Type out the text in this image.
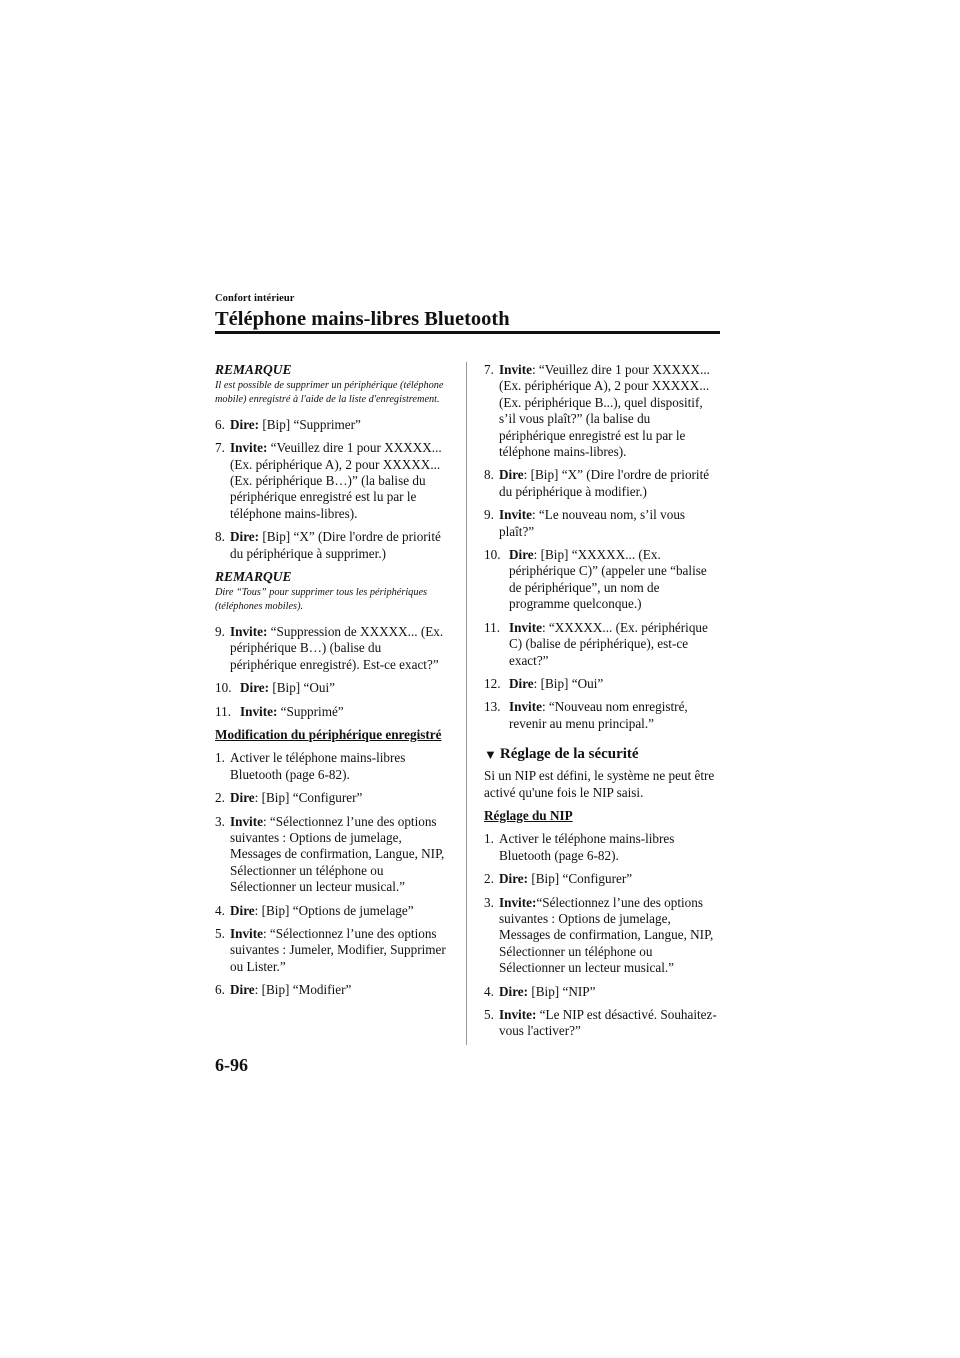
Confort intérieur
Téléphone mains-libres Bluetooth
REMARQUE
Il est possible de supprimer un périphérique (téléphone mobile) enregistré à l'aide de la liste d'enregistrement.
6. Dire: [Bip] “Supprimer”
7. Invite: “Veuillez dire 1 pour XXXXX... (Ex. périphérique A), 2 pour XXXXX... (Ex. périphérique B…)” (la balise du périphérique enregistré est lu par le téléphone mains-libres).
8. Dire: [Bip] “X” (Dire l'ordre de priorité du périphérique à supprimer.)
REMARQUE
Dire “Tous” pour supprimer tous les périphériques (téléphones mobiles).
9. Invite: “Suppression de XXXXX... (Ex. périphérique B…) (balise du périphérique enregistré). Est-ce exact?”
10. Dire: [Bip] “Oui”
11. Invite: “Supprimé”
Modification du périphérique enregistré
1. Activer le téléphone mains-libres Bluetooth (page 6-82).
2. Dire: [Bip] “Configurer”
3. Invite: “Sélectionnez l’une des options suivantes : Options de jumelage, Messages de confirmation, Langue, NIP, Sélectionner un téléphone ou Sélectionner un lecteur musical.”
4. Dire: [Bip] “Options de jumelage”
5. Invite: “Sélectionnez l’une des options suivantes : Jumeler, Modifier, Supprimer ou Lister.”
6. Dire: [Bip] “Modifier”
7. Invite: “Veuillez dire 1 pour XXXXX... (Ex. périphérique A), 2 pour XXXXX... (Ex. périphérique B...), quel dispositif, s’il vous plaît?” (la balise du périphérique enregistré est lu par le téléphone mains-libres).
8. Dire: [Bip] “X” (Dire l'ordre de priorité du périphérique à modifier.)
9. Invite: “Le nouveau nom, s’il vous plaît?”
10. Dire: [Bip] “XXXXX... (Ex. périphérique C)” (appeler une “balise de périphérique”, un nom de programme quelconque.)
11. Invite: “XXXXX... (Ex. périphérique C) (balise de périphérique), est-ce exact?”
12. Dire: [Bip] “Oui”
13. Invite: “Nouveau nom enregistré, revenir au menu principal.”
▼ Réglage de la sécurité
Si un NIP est défini, le système ne peut être activé qu'une fois le NIP saisi.
Réglage du NIP
1. Activer le téléphone mains-libres Bluetooth (page 6-82).
2. Dire: [Bip] “Configurer”
3. Invite:“Sélectionnez l’une des options suivantes : Options de jumelage, Messages de confirmation, Langue, NIP, Sélectionner un téléphone ou Sélectionner un lecteur musical.”
4. Dire: [Bip] “NIP”
5. Invite: “Le NIP est désactivé. Souhaitez-vous l'activer?”
6-96
